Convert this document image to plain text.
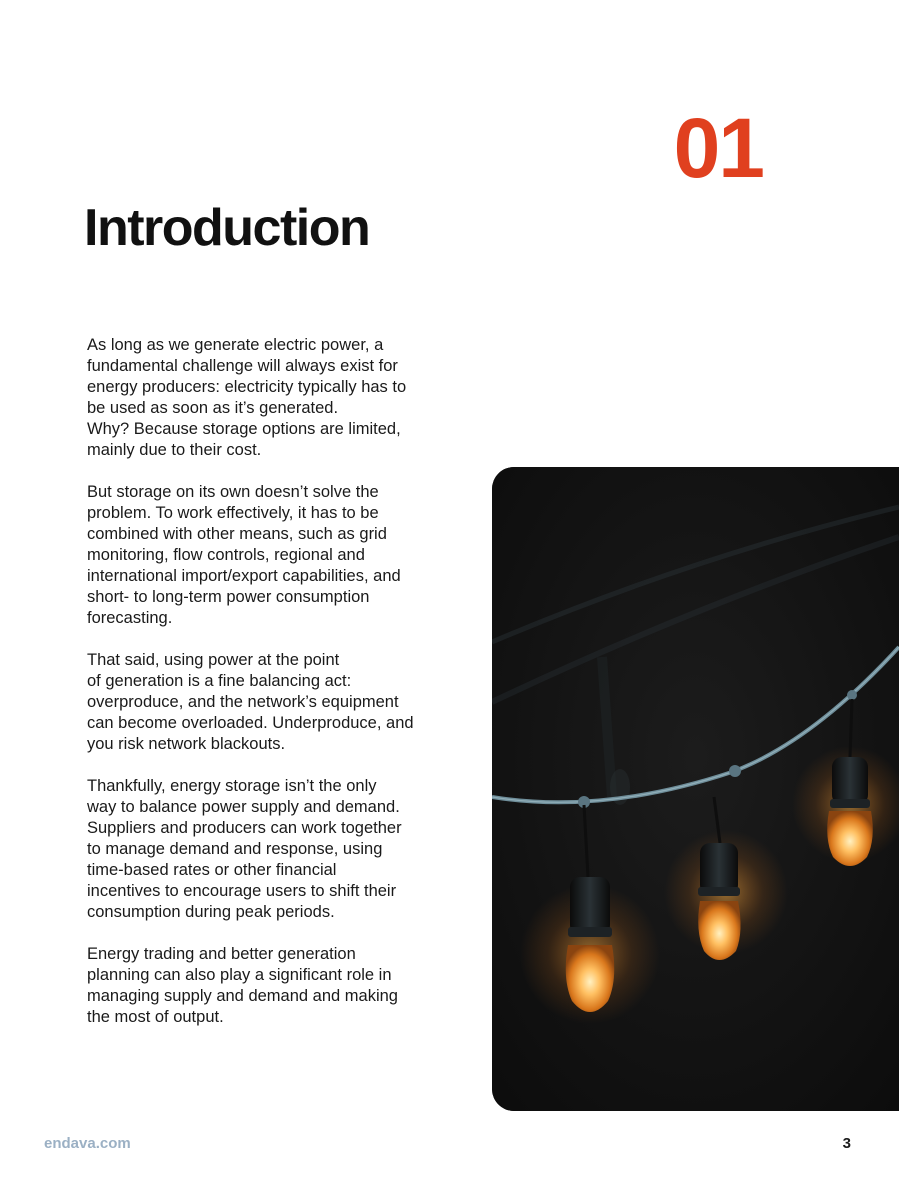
01
Introduction

As long as we generate electric power, a
fundamental challenge will always exist for
energy producers: electricity typically has to
be used as soon as it’s generated.
Why? Because storage options are limited,
mainly due to their cost.

But storage on its own doesn’t solve the
problem. To work effectively, it has to be
combined with other means, such as grid
monitoring, flow controls, regional and
international import/export capabilities, and
short- to long-term power consumption
forecasting.

That said, using power at the point
of generation is a fine balancing act:
overproduce, and the network’s equipment
can become overloaded. Underproduce, and
you risk network blackouts.

Thankfully, energy storage isn’t the only
way to balance power supply and demand.
Suppliers and producers can work together
to manage demand and response, using
time-based rates or other financial
incentives to encourage users to shift their
consumption during peak periods.

Energy trading and better generation
planning can also play a significant role in
managing supply and demand and making
the most of output.

endava.com	3
